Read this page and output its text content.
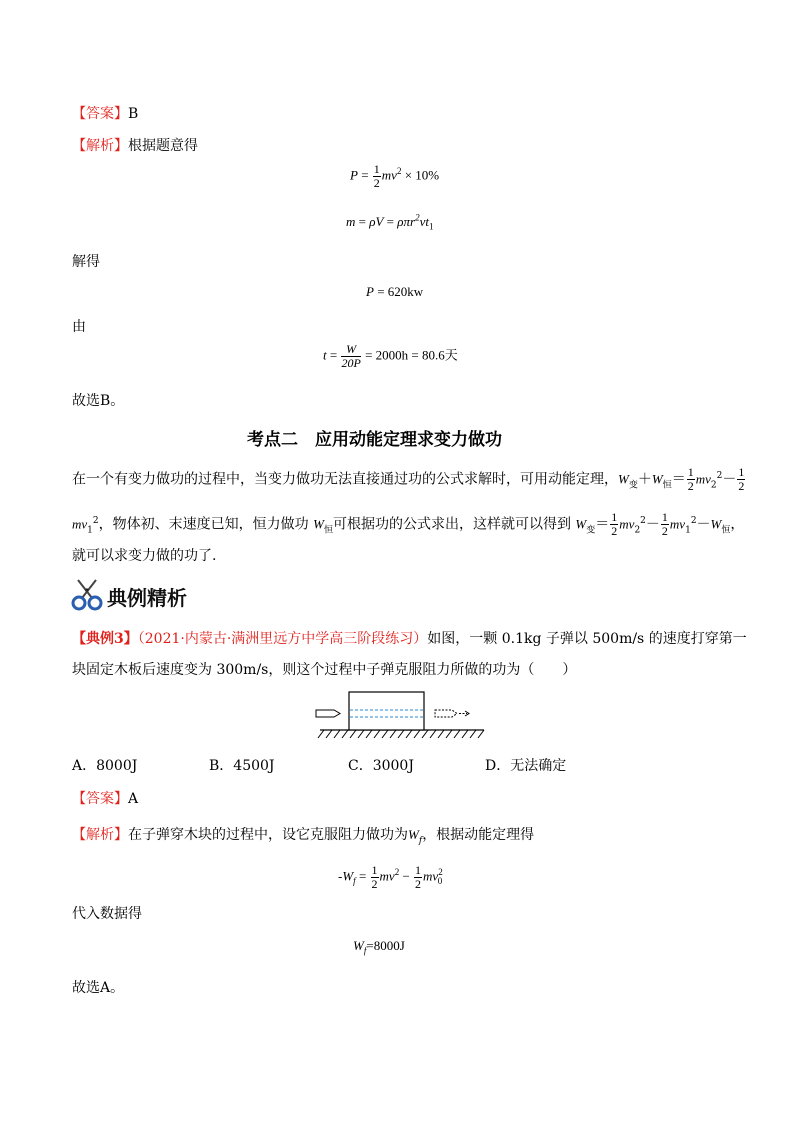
【答案】B
【解析】根据题意得
$P = \frac{1}{2} mv^2 \times 10\%$
$m = \rho V = \rho\pi r^2vt_1$
解得
P = 620kw
由
$t = \frac{W}{20P} = 2000h = 80.6$天
故选B。
考点二　应用动能定理求变力做功
在一个有变力做功的过程中，当变力做功无法直接通过功的公式求解时，可用动能定理，$W_变+W_恒= \frac{1}{2} mv_2^2- \frac{1}{2}$
$mv_1^2$，物体初、末速度已知，恒力做功 $W_恒$可根据功的公式求出，这样就可以得到 $W_变= \frac{1}{2} mv_2^2- \frac{1}{2} mv_1^2-W_恒$，
就可以求变力做的功了.
典例精析
【典例3】（2021·内蒙古·满洲里远方中学高三阶段练习）如图，一颗 0.1kg 子弹以 500m/s 的速度打穿第一
块固定木板后速度变为 300m/s，则这个过程中子弹克服阻力所做的功为（　　）
A．8000J	B．4500J	C．3000J	D．无法确定
【答案】A
【解析】在子弹穿木块的过程中，设它克服阻力做功为$W_f$，根据动能定理得
$-W_f = \frac{1}{2} mv^2 - \frac{1}{2} mv^2_0$
代入数据得
$W_f=8000J$
故选A。
